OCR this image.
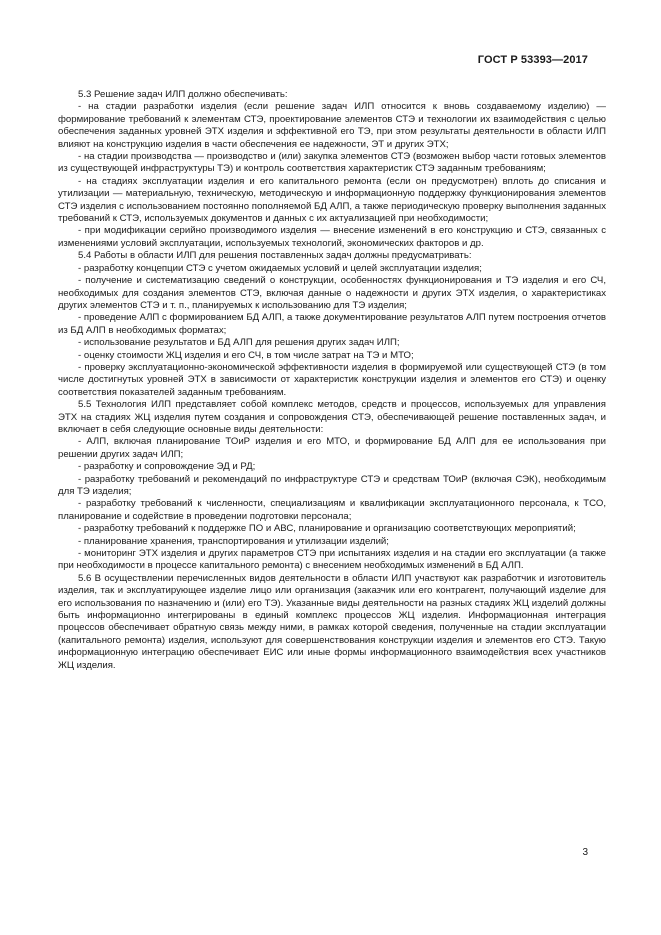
ГОСТ Р 53393—2017

5.3 Решение задач ИЛП должно обеспечивать:

- на стадии разработки изделия (если решение задач ИЛП относится к вновь создаваемому изделию) — формирование требований к элементам СТЭ, проектирование элементов СТЭ и технологии их взаимодействия с целью обеспечения заданных уровней ЭТХ изделия и эффективной его ТЭ, при этом результаты деятельности в области ИЛП влияют на конструкцию изделия в части обеспечения ее надежности, ЭТ и других ЭТХ;

- на стадии производства — производство и (или) закупка элементов СТЭ (возможен выбор части готовых элементов из существующей инфраструктуры ТЭ) и контроль соответствия характеристик СТЭ заданным требованиям;

- на стадиях эксплуатации изделия и его капитального ремонта (если он предусмотрен) вплоть до списания и утилизации — материальную, техническую, методическую и информационную поддержку функционирования элементов СТЭ изделия с использованием постоянно пополняемой БД АЛП, а также периодическую проверку выполнения заданных требований к СТЭ, используемых документов и данных с их актуализацией при необходимости;

- при модификации серийно производимого изделия — внесение изменений в его конструкцию и СТЭ, связанных с изменениями условий эксплуатации, используемых технологий, экономических факторов и др.

5.4 Работы в области ИЛП для решения поставленных задач должны предусматривать:

- разработку концепции СТЭ с учетом ожидаемых условий и целей эксплуатации изделия;

- получение и систематизацию сведений о конструкции, особенностях функционирования и ТЭ изделия и его СЧ, необходимых для создания элементов СТЭ, включая данные о надежности и других ЭТХ изделия, о характеристиках других элементов СТЭ и т. п., планируемых к использованию для ТЭ изделия;

- проведение АЛП с формированием БД АЛП, а также документирование результатов АЛП путем построения отчетов из БД АЛП в необходимых форматах;

- использование результатов и БД АЛП для решения других задач ИЛП;

- оценку стоимости ЖЦ изделия и его СЧ, в том числе затрат на ТЭ и МТО;

- проверку эксплуатационно-экономической эффективности изделия в формируемой или существующей СТЭ (в том числе достигнутых уровней ЭТХ в зависимости от характеристик конструкции изделия и элементов его СТЭ) и оценку соответствия показателей заданным требованиям.

5.5 Технология ИЛП представляет собой комплекс методов, средств и процессов, используемых для управления ЭТХ на стадиях ЖЦ изделия путем создания и сопровождения СТЭ, обеспечивающей решение поставленных задач, и включает в себя следующие основные виды деятельности:

- АЛП, включая планирование ТОиР изделия и его МТО, и формирование БД АЛП для ее использования при решении других задач ИЛП;

- разработку и сопровождение ЭД и РД;

- разработку требований и рекомендаций по инфраструктуре СТЭ и средствам ТОиР (включая СЭК), необходимым для ТЭ изделия;

- разработку требований к численности, специализациям и квалификации эксплуатационного персонала, к ТСО, планирование и содействие в проведении подготовки персонала;

- разработку требований к поддержке ПО и АВС, планирование и организацию соответствующих мероприятий;

- планирование хранения, транспортирования и утилизации изделий;

- мониторинг ЭТХ изделия и других параметров СТЭ при испытаниях изделия и на стадии его эксплуатации (а также при необходимости в процессе капитального ремонта) с внесением необходимых изменений в БД АЛП.

5.6 В осуществлении перечисленных видов деятельности в области ИЛП участвуют как разработчик и изготовитель изделия, так и эксплуатирующее изделие лицо или организация (заказчик или его контрагент, получающий изделие для его использования по назначению и (или) его ТЭ). Указанные виды деятельности на разных стадиях ЖЦ изделий должны быть информационно интегрированы в единый комплекс процессов ЖЦ изделия. Информационная интеграция процессов обеспечивает обратную связь между ними, в рамках которой сведения, полученные на стадии эксплуатации (капитального ремонта) изделия, используют для совершенствования конструкции изделия и элементов его СТЭ. Такую информационную интеграцию обеспечивает ЕИС или иные формы информационного взаимодействия всех участников ЖЦ изделия.

3
